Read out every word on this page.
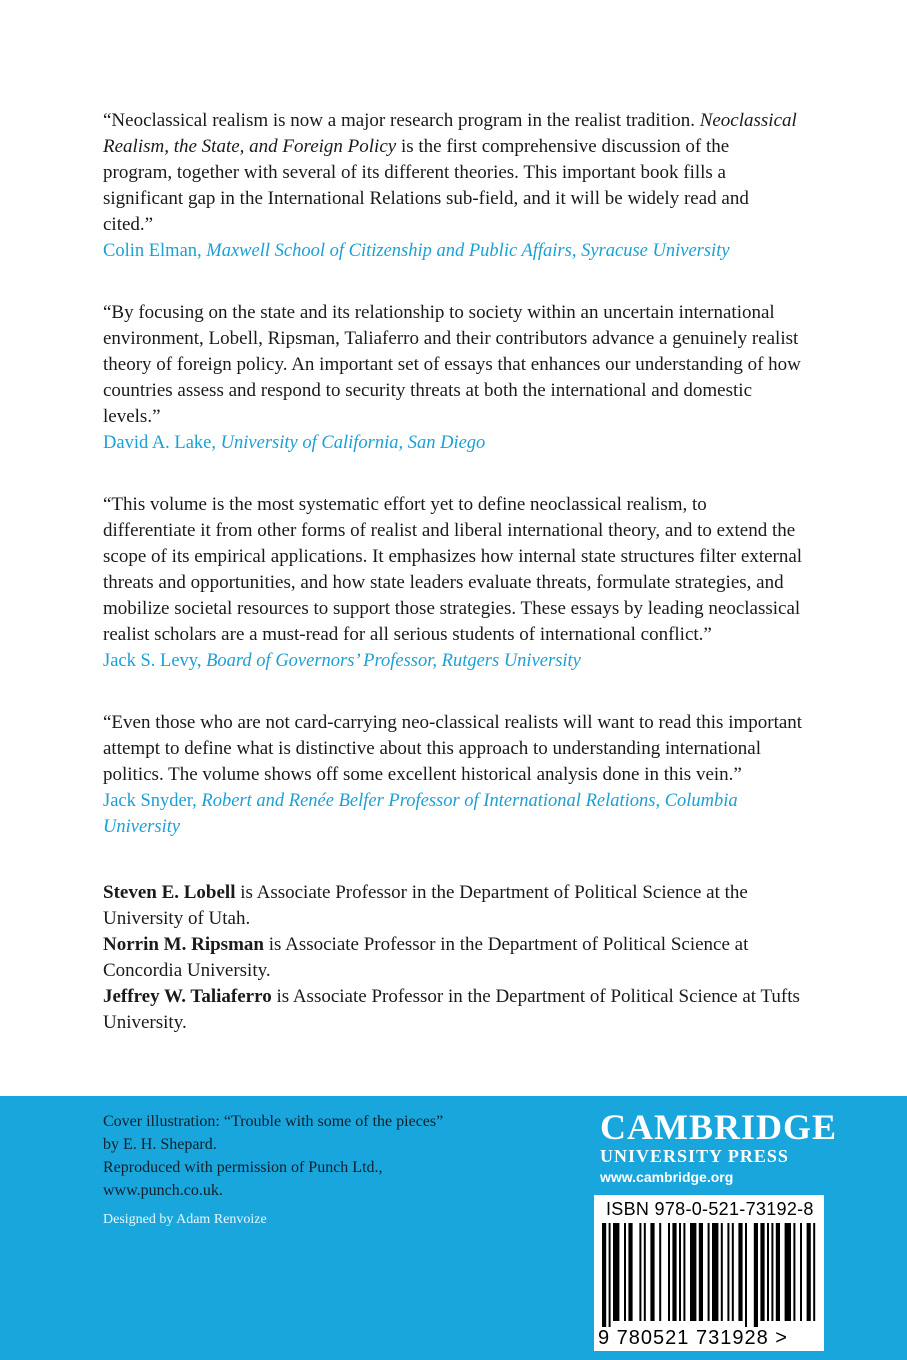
“Neoclassical realism is now a major research program in the realist tradition. Neoclassical Realism, the State, and Foreign Policy is the first comprehensive discussion of the program, together with several of its different theories. This important book fills a significant gap in the International Relations sub-field, and it will be widely read and cited.”

Colin Elman, Maxwell School of Citizenship and Public Affairs, Syracuse University

“By focusing on the state and its relationship to society within an uncertain international environment, Lobell, Ripsman, Taliaferro and their contributors advance a genuinely realist theory of foreign policy. An important set of essays that enhances our understanding of how countries assess and respond to security threats at both the international and domestic levels.”

David A. Lake, University of California, San Diego

“This volume is the most systematic effort yet to define neoclassical realism, to differentiate it from other forms of realist and liberal international theory, and to extend the scope of its empirical applications. It emphasizes how internal state structures filter external threats and opportunities, and how state leaders evaluate threats, formulate strategies, and mobilize societal resources to support those strategies. These essays by leading neoclassical realist scholars are a must-read for all serious students of international conflict.”

Jack S. Levy, Board of Governors’ Professor, Rutgers University

“Even those who are not card-carrying neo-classical realists will want to read this important attempt to define what is distinctive about this approach to understanding international politics. The volume shows off some excellent historical analysis done in this vein.”

Jack Snyder, Robert and Renée Belfer Professor of International Relations, Columbia University

Steven E. Lobell is Associate Professor in the Department of Political Science at the University of Utah.

Norrin M. Ripsman is Associate Professor in the Department of Political Science at Concordia University.

Jeffrey W. Taliaferro is Associate Professor in the Department of Political Science at Tufts University.

Cover illustration: “Trouble with some of the pieces”

by E. H. Shepard.

Reproduced with permission of Punch Ltd.,

www.punch.co.uk.

Designed by Adam Renvoize

CAMBRIDGE

UNIVERSITY PRESS

www.cambridge.org

ISBN 978-0-521-73192-8
9 780521 731928 >
